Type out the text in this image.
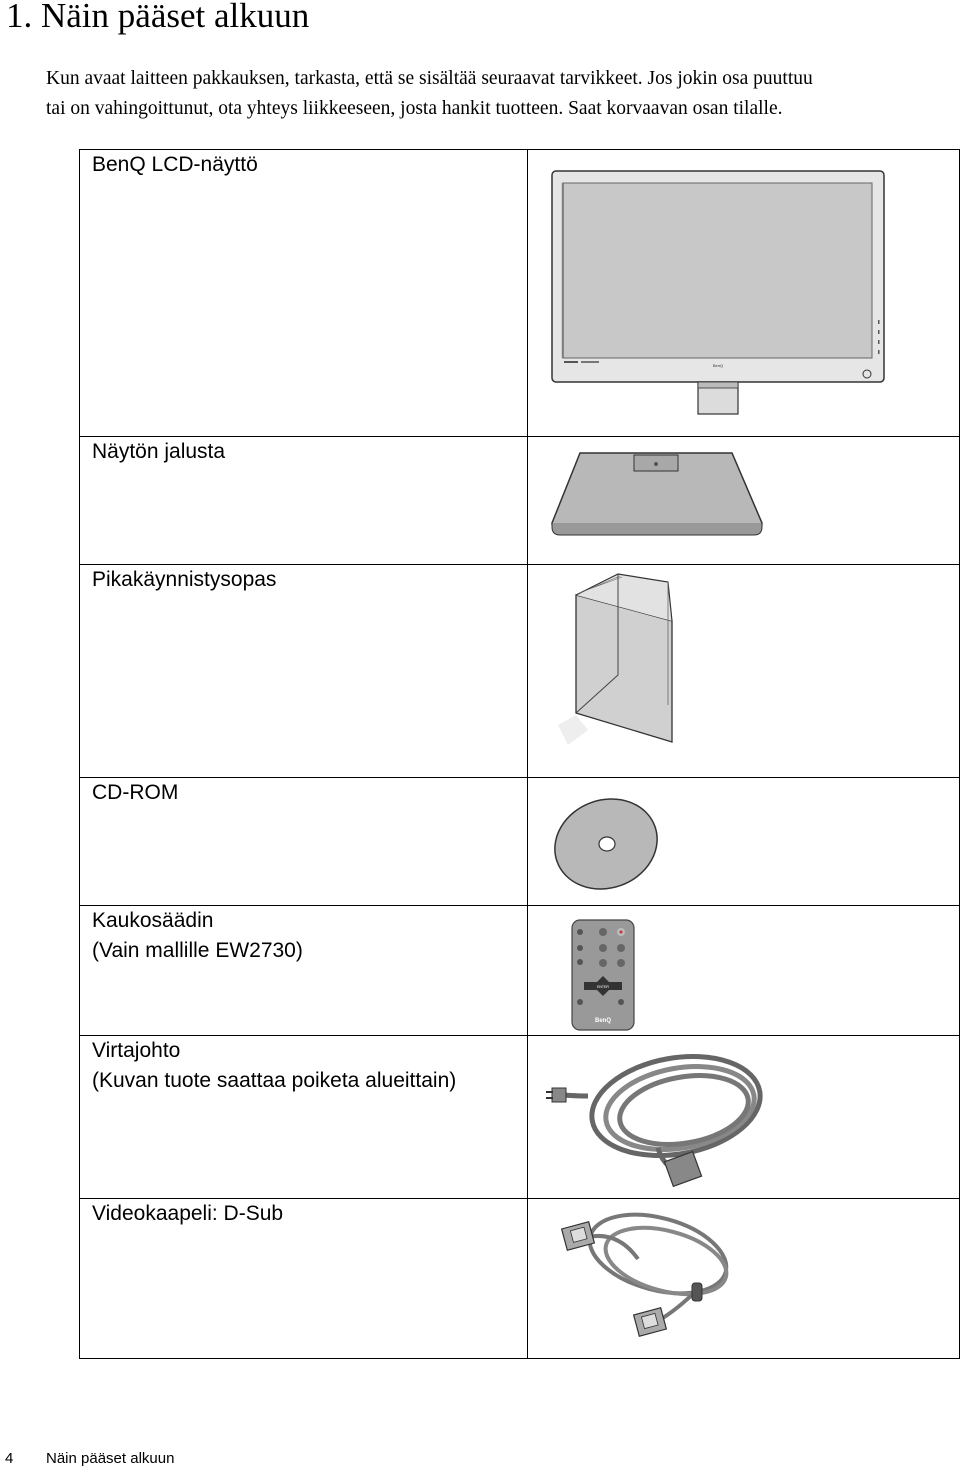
1. Näin pääset alkuun
Kun avaat laitteen pakkauksen, tarkasta, että se sisältää seuraavat tarvikkeet. Jos jokin osa puuttuu
tai on vahingoittunut, ota yhteys liikkeeseen, josta hankit tuotteen. Saat korvaavan osan tilalle.
BenQ LCD-näyttö	BenQ

Näytön jalusta

Pikakäynnistysopas

CD-ROM

Kaukosäädin
(Vain mallille EW2730)	ENTER
BenQ

Virtajohto
(Kuvan tuote saattaa poiketa alueittain)

Videokaapeli: D-Sub

4 Näin pääset alkuun
